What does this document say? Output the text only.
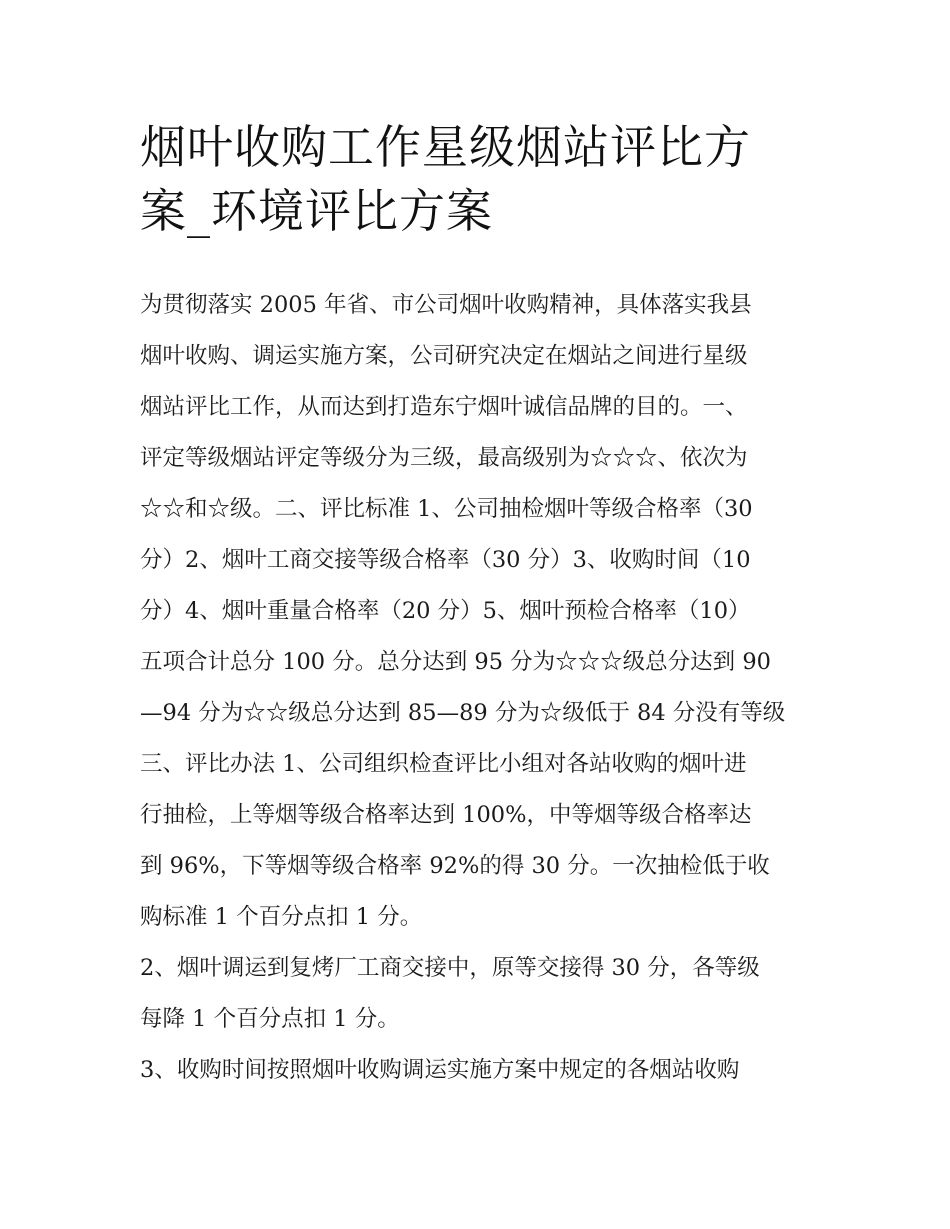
烟叶收购工作星级烟站评比方
案_环境评比方案

为贯彻落实 2005 年省、市公司烟叶收购精神，具体落实我县
烟叶收购、调运实施方案，公司研究决定在烟站之间进行星级
烟站评比工作，从而达到打造东宁烟叶诚信品牌的目的。一、
评定等级烟站评定等级分为三级，最高级别为☆☆☆、依次为
☆☆和☆级。二、评比标准 1、公司抽检烟叶等级合格率（30
分）2、烟叶工商交接等级合格率（30 分）3、收购时间（10
分）4、烟叶重量合格率（20 分）5、烟叶预检合格率（10）
五项合计总分 100 分。总分达到 95 分为☆☆☆级总分达到 90
—94 分为☆☆级总分达到 85—89 分为☆级低于 84 分没有等级
三、评比办法 1、公司组织检查评比小组对各站收购的烟叶进
行抽检，上等烟等级合格率达到 100%，中等烟等级合格率达
到 96%，下等烟等级合格率 92%的得 30 分。一次抽检低于收
购标准 1 个百分点扣 1 分。

2、烟叶调运到复烤厂工商交接中，原等交接得 30 分，各等级
每降 1 个百分点扣 1 分。

3、收购时间按照烟叶收购调运实施方案中规定的各烟站收购
